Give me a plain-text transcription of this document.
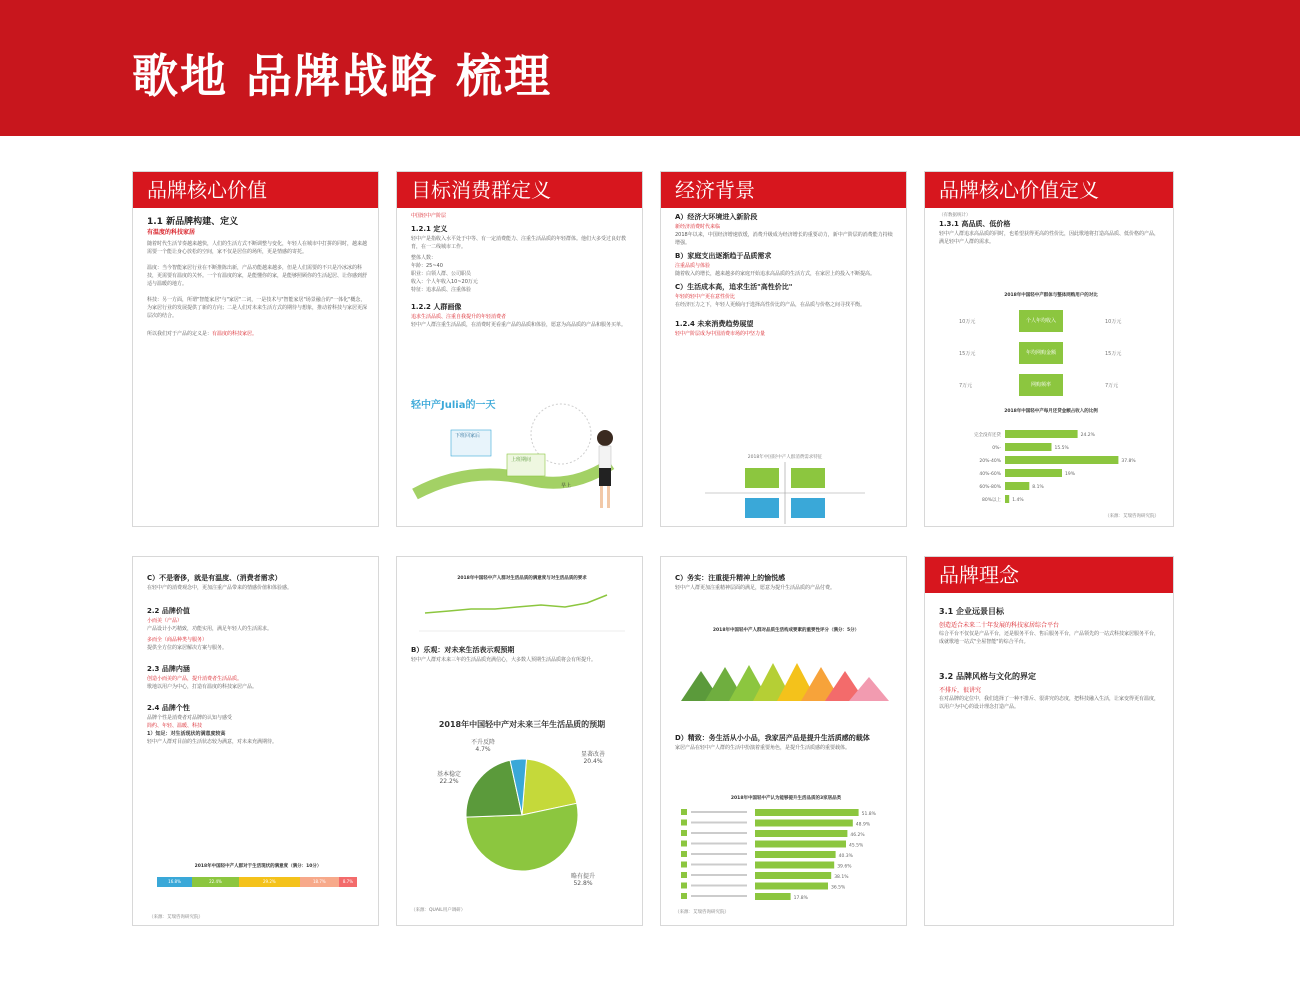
歌地 品牌战略 梳理
品牌核心价值
1.1 新品牌构建、定义
有温度的科技家居
随着时代生活节奏越来越快，人们的生活方式不断调整与变化，年轻人在城市中打拼的同时，越来越需要一个能让身心放松的空间，家不仅是居住的场所，更是情感的寄托。
温度：当今智能家居行业在不断推陈出新，产品功能越来越多，但是人们需要的不只是冷冰冰的科技，更需要有温度的关怀。一个有温度的家，是能懂你的家，是能够照顾你的生活起居、让你感到舒适与温暖的地方。
科技：另一方面，所谓"智能家居"与"家居"二词，一是技术与"智能家居"场景融合的"一体化"概念，为家居行业的发展提供了新的方向；二是人们对未来生活方式的期待与想象，推动着科技与家居更深层次的结合。
所以我们对于产品的定义是：有温度的科技家居。
目标消费群定义
中国轻中产阶层
1.2.1 定义
轻中产是指收入水平处于中等、有一定消费能力、注重生活品质的年轻群体。他们大多受过良好教育，在一二线城市工作。
整体人数：
年龄：25~40
职业：白领人群、公司职员
收入：个人年收入10~20万元
特征：追求品质、注重体验
1.2.2 人群画像
追求生活品质、注重自我提升的年轻消费者
轻中产人群注重生活品质，在消费时更看重产品的品质和体验，愿意为高品质的产品和服务买单。
轻中产Julia的一天
下班回家后
上班期间
早上
经济背景
A）经济大环境进入新阶段
新经济消费时代来临
2018年以来，中国经济增速放缓，消费升级成为经济增长的重要动力，新中产阶层的消费能力持续增强。
B）家庭支出逐渐趋于品质需求
注重品质与体验
随着收入的增长，越来越多的家庭开始追求高品质的生活方式，在家居上的投入不断提高。
C）生活成本高，追求生活"高性价比"
年轻的轻中产更在意性价比
在经济压力之下，年轻人更倾向于选择高性价比的产品，在品质与价格之间寻找平衡。
1.2.4 未来消费趋势展望
轻中产阶层成为中国消费市场的中坚力量
2018年中国轻中产人群消费需求特征
品牌核心价值定义
（有数据统计）
1.3.1 高品质、低价格
轻中产人群追求高品质的同时，也希望获得更高的性价比，因此歌地将打造高品质、低价格的产品，满足轻中产人群的需求。
2018年中国轻中产群体与整体网购用户的对比
10万元	个人年均收入	10万元
15万元	年均网购金额	15万元
7万元	网购频率	7万元
2018年中国轻中产每月还贷金额占收入的比例
完全没有还贷	24.2%
0%-	15.5%
20%-40%	37.8%
40%-60%	19%
60%-80%	8.1%
80%以上 1.4%
（来源：艾瑞咨询研究院）
C）不是奢侈，就是有温度、（消费者需求）
在轻中产的消费观念中，更加注重产品带来的情感价值和体验感。
2.2 品牌价值
小而美（产品）
产品设计小巧精致，功能实用，满足年轻人的生活需求。
多而全（商品种类与服务）
提供全方位的家居解决方案与服务。
2.3 品牌内涵
创造小而美的产品，提升消费者生活品质。
歌地以用户为中心，打造有温度的科技家居产品。
2.4 品牌个性
品牌个性是消费者对品牌的认知与感受
简约、年轻、温暖、科技
1）知足：对生活现状的满意度较高
轻中产人群对目前的生活状态较为满意，对未来充满期待。
2018年中国轻中产人群对于生活现状的满意度（满分：10分）
16.8%	22.4%	29.2%	18.7%	8.7%
（来源：艾瑞咨询研究院）
2018年中国轻中产人群对生活品质的满意度与对生活品质的要求
B）乐观：对未来生活表示观预期
轻中产人群对未来三年的生活品质充满信心，大多数人预期生活品质将会有所提升。
2018年中国轻中产对未来三年生活品质的预期
略有提升
52.8%
显著改善
20.4%
基本稳定
22.2%
不升反降
4.7%
（来源：QUAIL用户调研）
C）务实：注重提升精神上的愉悦感
轻中产人群更加注重精神层面的满足，愿意为提升生活品质的产品付费。
2018年中国轻中产人群对品质生活构成要素的重要性评分（满分：5分）
D）精致：务生活从小小品，我家居产品是提升生活质感的载体
家居产品在轻中产人群的生活中扮演着重要角色，是提升生活质感的重要载体。
2018年中国轻中产认为能够提升生活品质的3家居品类
51.8%
48.9%
46.2%
45.5%
40.3%
39.6%
38.1%
36.5%
17.8%
（来源：艾瑞咨询研究院）
品牌理念
3.1 企业远景目标
创造适合未来二十年发展的科技家居综合平台
综合平台不仅仅是产品平台，还是服务平台、售后服务平台，产品领先的一站式科技家居服务平台，成就歌地一站式"全屋智能"的综合平台。
3.2 品牌风格与文化的界定
不排斥，很讲究
在对品牌的定位中，我们选择了一种不排斥、很讲究的态度，把科技融入生活，让家变得更有温度，以用户为中心的设计理念打造产品。
